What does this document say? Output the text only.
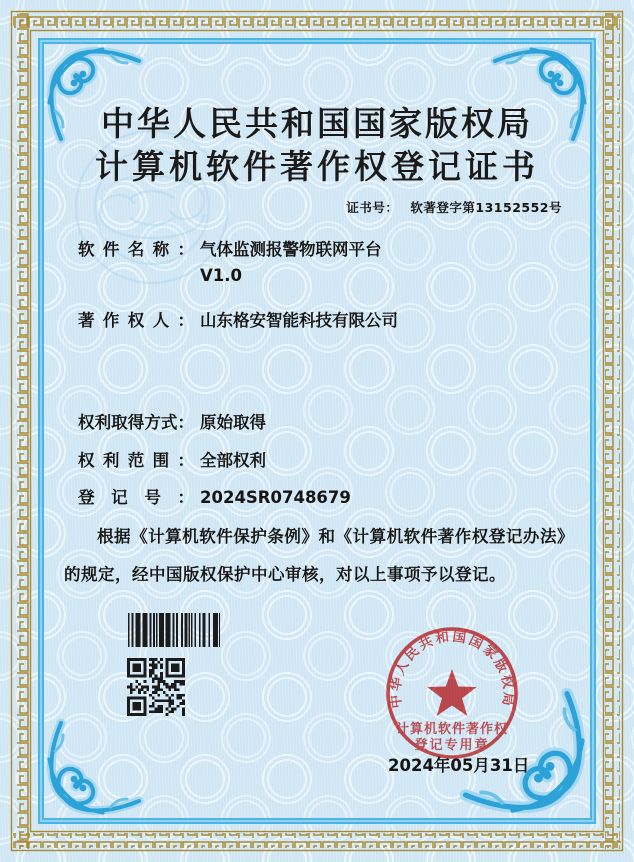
中华人民共和国国家版权局
计算机软件著作权登记证书
证书号： 软著登字第13152552号
软件名称： 气体监测报警物联网平台
V1.0
著作权人： 山东格安智能科技有限公司
权利取得方式： 原始取得
权利范围： 全部权利
登记号： 2024SR0748679
根据《计算机软件保护条例》和《计算机软件著作权登记办法》的规定，经中国版权保护中心审核，对以上事项予以登记。
中华人民共和国国家版权局
计算机软件著作权
登记专用章
2024年05月31日
